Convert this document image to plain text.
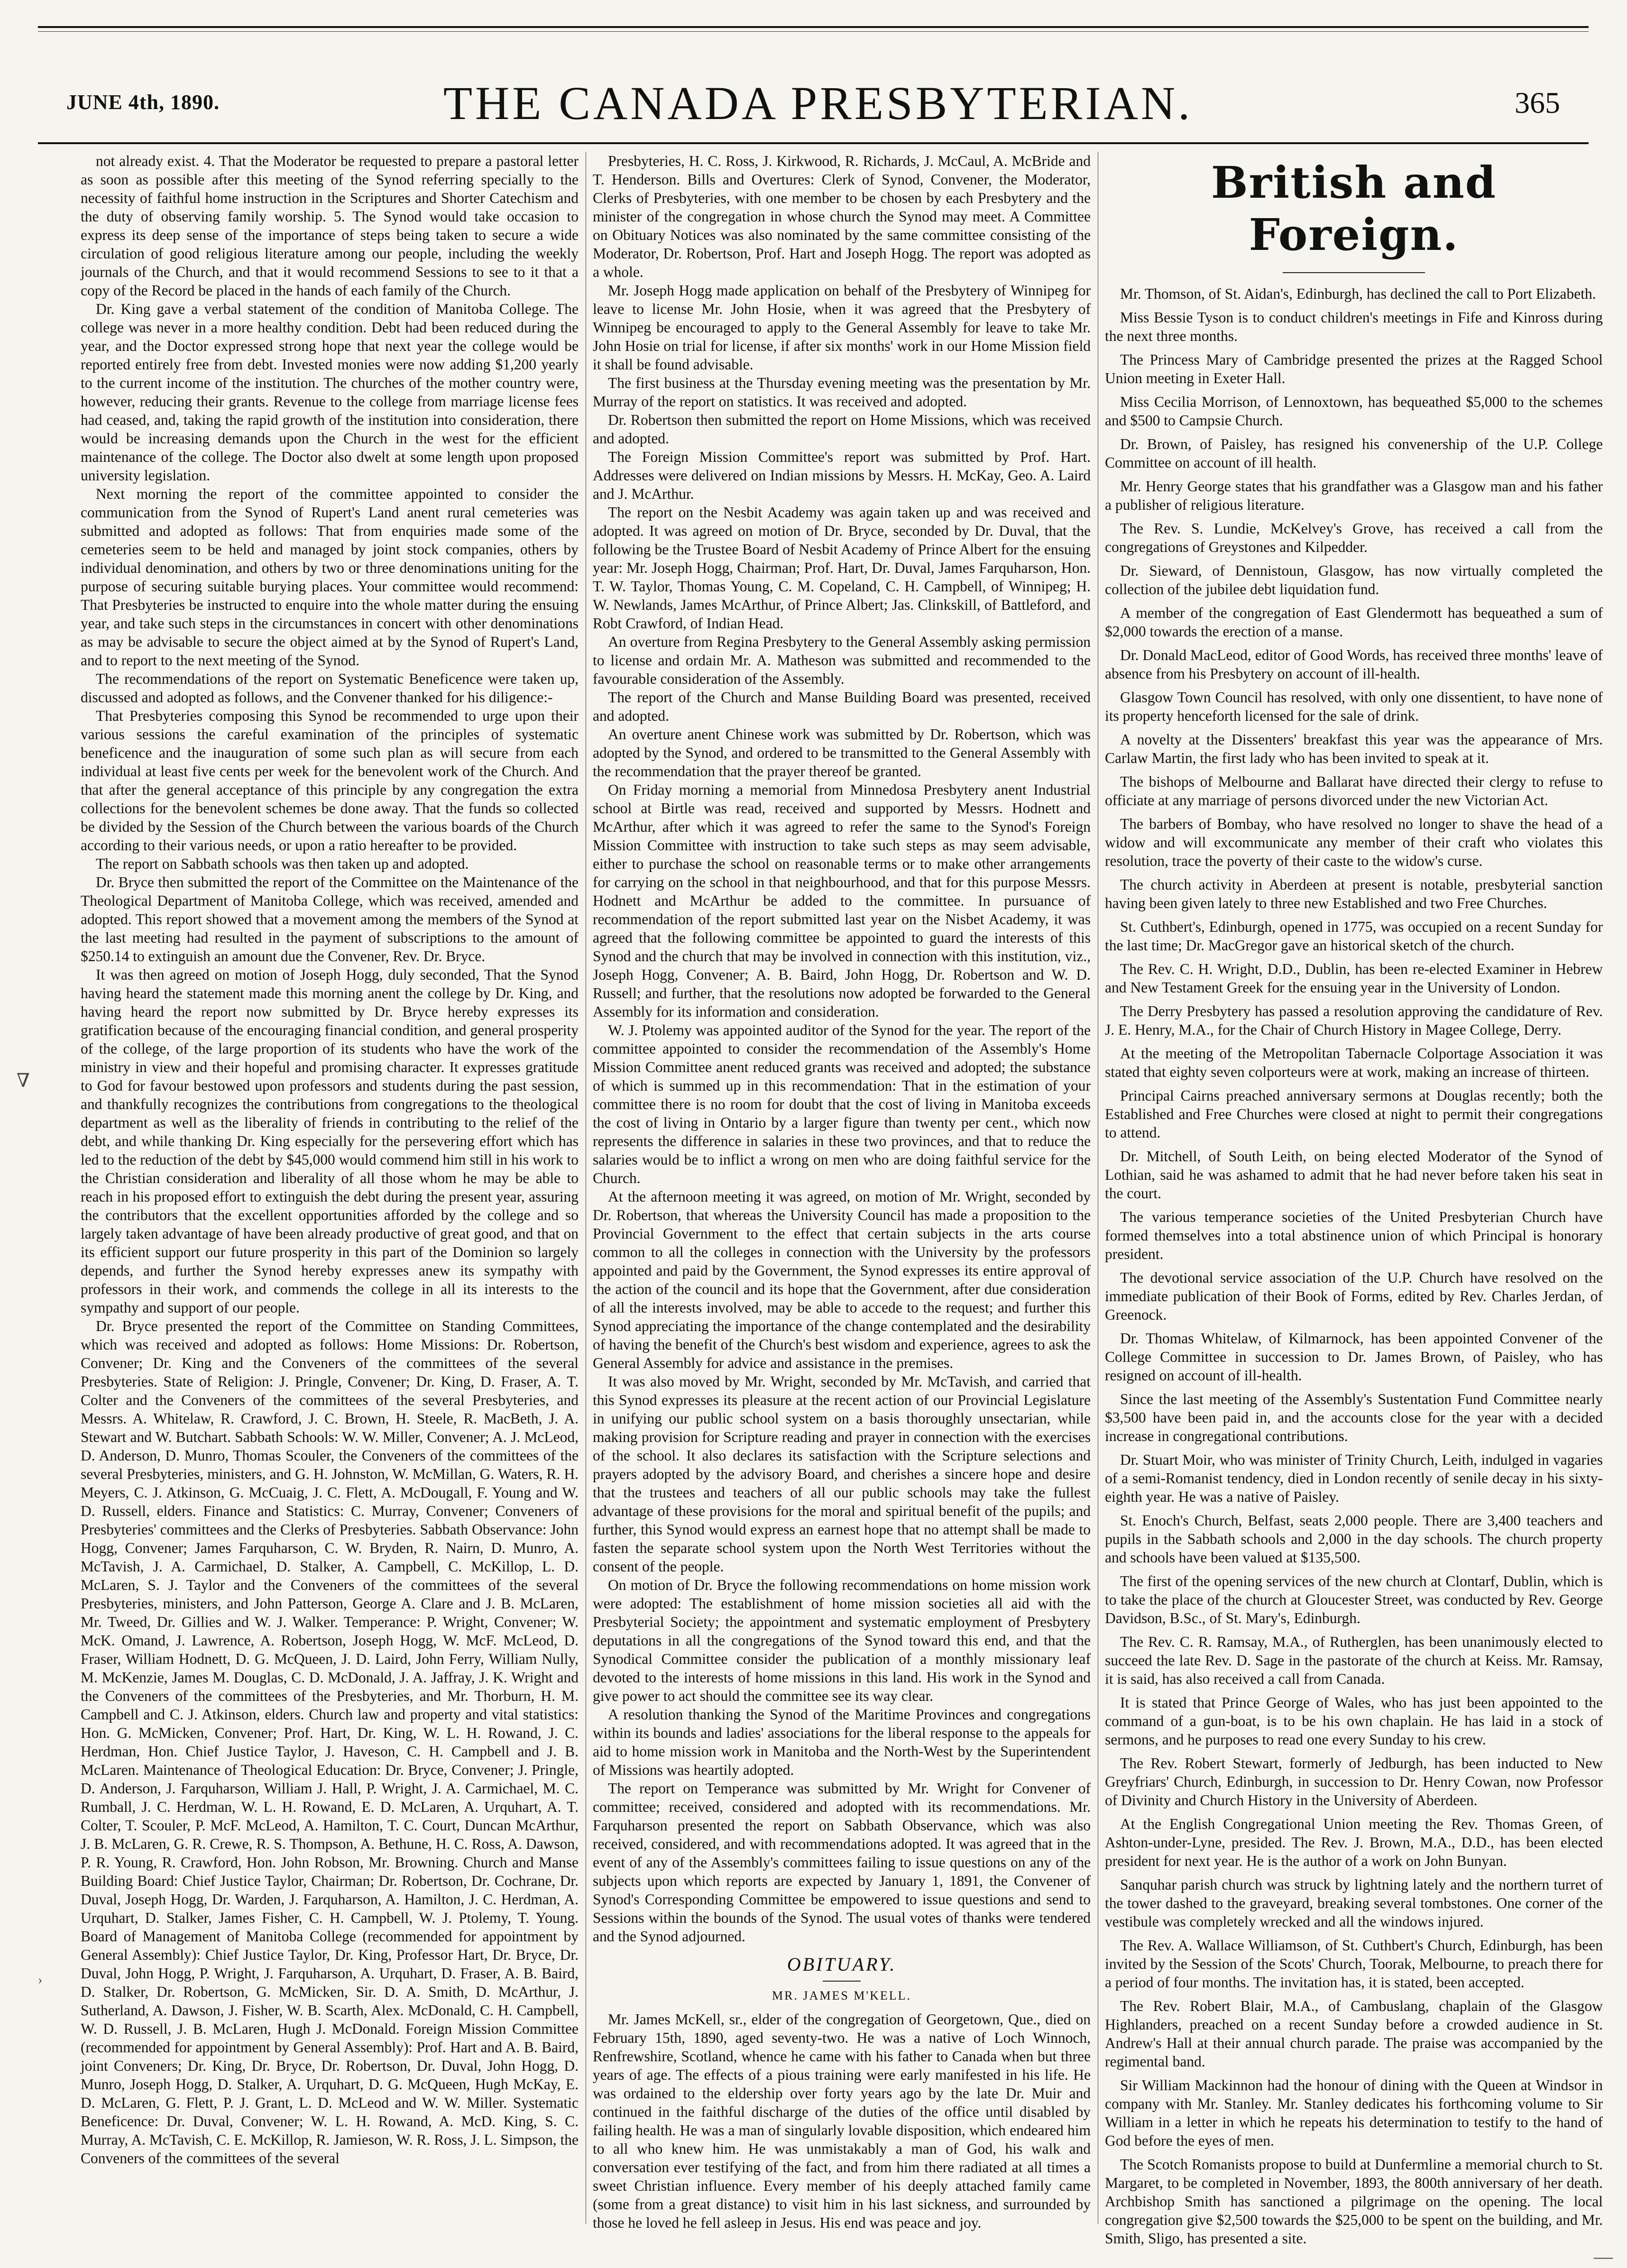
JUNE 4th, 1890.	THE CANADA PRESBYTERIAN.	365

not already exist. 4. That the Moderator be requested to prepare a pastoral letter as soon as possible after this meeting of the Synod referring specially to the necessity of faithful home instruction in the Scriptures and Shorter Catechism and the duty of observing family worship. 5. The Synod would take occasion to express its deep sense of the importance of steps being taken to secure a wide circulation of good religious literature among our people, including the weekly journals of the Church, and that it would recommend Sessions to see to it that a copy of the Record be placed in the hands of each family of the Church.

Dr. King gave a verbal statement of the condition of Manitoba College. The college was never in a more healthy condition. Debt had been reduced during the year, and the Doctor expressed strong hope that next year the college would be reported entirely free from debt. Invested monies were now adding $1,200 yearly to the current income of the institution. The churches of the mother country were, however, reducing their grants. Revenue to the college from marriage license fees had ceased, and, taking the rapid growth of the institution into consideration, there would be increasing demands upon the Church in the west for the efficient maintenance of the college. The Doctor also dwelt at some length upon proposed university legislation.

Next morning the report of the committee appointed to consider the communication from the Synod of Rupert's Land anent rural cemeteries was submitted and adopted as follows: That from enquiries made some of the cemeteries seem to be held and managed by joint stock companies, others by individual denomination, and others by two or three denominations uniting for the purpose of securing suitable burying places. Your committee would recommend: That Presbyteries be instructed to enquire into the whole matter during the ensuing year, and take such steps in the circumstances in concert with other denominations as may be advisable to secure the object aimed at by the Synod of Rupert's Land, and to report to the next meeting of the Synod.

The recommendations of the report on Systematic Beneficence were taken up, discussed and adopted as follows, and the Convener thanked for his diligence:-

That Presbyteries composing this Synod be recommended to urge upon their various sessions the careful examination of the principles of systematic beneficence and the inauguration of some such plan as will secure from each individual at least five cents per week for the benevolent work of the Church. And that after the general acceptance of this principle by any congregation the extra collections for the benevolent schemes be done away. That the funds so collected be divided by the Session of the Church between the various boards of the Church according to their various needs, or upon a ratio hereafter to be provided.

The report on Sabbath schools was then taken up and adopted.

Dr. Bryce then submitted the report of the Committee on the Maintenance of the Theological Department of Manitoba College, which was received, amended and adopted. This report showed that a movement among the members of the Synod at the last meeting had resulted in the payment of subscriptions to the amount of $250.14 to extinguish an amount due the Convener, Rev. Dr. Bryce.

It was then agreed on motion of Joseph Hogg, duly seconded, That the Synod having heard the statement made this morning anent the college by Dr. King, and having heard the report now submitted by Dr. Bryce hereby expresses its gratification because of the encouraging financial condition, and general prosperity of the college, of the large proportion of its students who have the work of the ministry in view and their hopeful and promising character. It expresses gratitude to God for favour bestowed upon professors and students during the past session, and thankfully recognizes the contributions from congregations to the theological department as well as the liberality of friends in contributing to the relief of the debt, and while thanking Dr. King especially for the persevering effort which has led to the reduction of the debt by $45,000 would commend him still in his work to the Christian consideration and liberality of all those whom he may be able to reach in his proposed effort to extinguish the debt during the present year, assuring the contributors that the excellent opportunities afforded by the college and so largely taken advantage of have been already productive of great good, and that on its efficient support our future prosperity in this part of the Dominion so largely depends, and further the Synod hereby expresses anew its sympathy with professors in their work, and commends the college in all its interests to the sympathy and support of our people.

Dr. Bryce presented the report of the Committee on Standing Committees, which was received and adopted as follows: Home Missions: Dr. Robertson, Convener; Dr. King and the Conveners of the committees of the several Presbyteries. State of Religion: J. Pringle, Convener; Dr. King, D. Fraser, A. T. Colter and the Conveners of the committees of the several Presbyteries, and Messrs. A. Whitelaw, R. Crawford, J. C. Brown, H. Steele, R. MacBeth, J. A. Stewart and W. Butchart. Sabbath Schools: W. W. Miller, Convener; A. J. McLeod, D. Anderson, D. Munro, Thomas Scouler, the Conveners of the committees of the several Presbyteries, ministers, and G. H. Johnston, W. McMillan, G. Waters, R. H. Meyers, C. J. Atkinson, G. McCuaig, J. C. Flett, A. McDougall, F. Young and W. D. Russell, elders. Finance and Statistics: C. Murray, Convener; Conveners of Presbyteries' committees and the Clerks of Presbyteries. Sabbath Observance: John Hogg, Convener; James Farquharson, C. W. Bryden, R. Nairn, D. Munro, A. McTavish, J. A. Carmichael, D. Stalker, A. Campbell, C. McKillop, L. D. McLaren, S. J. Taylor and the Conveners of the committees of the several Presbyteries, ministers, and John Patterson, George A. Clare and J. B. McLaren, Mr. Tweed, Dr. Gillies and W. J. Walker. Temperance: P. Wright, Convener; W. McK. Omand, J. Lawrence, A. Robertson, Joseph Hogg, W. McF. McLeod, D. Fraser, William Hodnett, D. G. McQueen, J. D. Laird, John Ferry, William Nully, M. McKenzie, James M. Douglas, C. D. McDonald, J. A. Jaffray, J. K. Wright and the Conveners of the committees of the Presbyteries, and Mr. Thorburn, H. M. Campbell and C. J. Atkinson, elders. Church law and property and vital statistics: Hon. G. McMicken, Convener; Prof. Hart, Dr. King, W. L. H. Rowand, J. C. Herdman, Hon. Chief Justice Taylor, J. Haveson, C. H. Campbell and J. B. McLaren. Maintenance of Theological Education: Dr. Bryce, Convener; J. Pringle, D. Anderson, J. Farquharson, William J. Hall, P. Wright, J. A. Carmichael, M. C. Rumball, J. C. Herdman, W. L. H. Rowand, E. D. McLaren, A. Urquhart, A. T. Colter, T. Scouler, P. McF. McLeod, A. Hamilton, T. C. Court, Duncan McArthur, J. B. McLaren, G. R. Crewe, R. S. Thompson, A. Bethune, H. C. Ross, A. Dawson, P. R. Young, R. Crawford, Hon. John Robson, Mr. Browning. Church and Manse Building Board: Chief Justice Taylor, Chairman; Dr. Robertson, Dr. Cochrane, Dr. Duval, Joseph Hogg, Dr. Warden, J. Farquharson, A. Hamilton, J. C. Herdman, A. Urquhart, D. Stalker, James Fisher, C. H. Campbell, W. J. Ptolemy, T. Young. Board of Management of Manitoba College (recommended for appointment by General Assembly): Chief Justice Taylor, Dr. King, Professor Hart, Dr. Bryce, Dr. Duval, John Hogg, P. Wright, J. Farquharson, A. Urquhart, D. Fraser, A. B. Baird, D. Stalker, Dr. Robertson, G. McMicken, Sir. D. A. Smith, D. McArthur, J. Sutherland, A. Dawson, J. Fisher, W. B. Scarth, Alex. McDonald, C. H. Campbell, W. D. Russell, J. B. McLaren, Hugh J. McDonald. Foreign Mission Committee (recommended for appointment by General Assembly): Prof. Hart and A. B. Baird, joint Conveners; Dr. King, Dr. Bryce, Dr. Robertson, Dr. Duval, John Hogg, D. Munro, Joseph Hogg, D. Stalker, A. Urquhart, D. G. McQueen, Hugh McKay, E. D. McLaren, G. Flett, P. J. Grant, L. D. McLeod and W. W. Miller. Systematic Beneficence: Dr. Duval, Convener; W. L. H. Rowand, A. McD. King, S. C. Murray, A. McTavish, C. E. McKillop, R. Jamieson, W. R. Ross, J. L. Simpson, the Conveners of the committees of the several

Presbyteries, H. C. Ross, J. Kirkwood, R. Richards, J. McCaul, A. McBride and T. Henderson. Bills and Overtures: Clerk of Synod, Convener, the Moderator, Clerks of Presbyteries, with one member to be chosen by each Presbytery and the minister of the congregation in whose church the Synod may meet. A Committee on Obituary Notices was also nominated by the same committee consisting of the Moderator, Dr. Robertson, Prof. Hart and Joseph Hogg. The report was adopted as a whole.

Mr. Joseph Hogg made application on behalf of the Presbytery of Winnipeg for leave to license Mr. John Hosie, when it was agreed that the Presbytery of Winnipeg be encouraged to apply to the General Assembly for leave to take Mr. John Hosie on trial for license, if after six months' work in our Home Mission field it shall be found advisable.

The first business at the Thursday evening meeting was the presentation by Mr. Murray of the report on statistics. It was received and adopted.

Dr. Robertson then submitted the report on Home Missions, which was received and adopted.

The Foreign Mission Committee's report was submitted by Prof. Hart. Addresses were delivered on Indian missions by Messrs. H. McKay, Geo. A. Laird and J. McArthur.

The report on the Nesbit Academy was again taken up and was received and adopted. It was agreed on motion of Dr. Bryce, seconded by Dr. Duval, that the following be the Trustee Board of Nesbit Academy of Prince Albert for the ensuing year: Mr. Joseph Hogg, Chairman; Prof. Hart, Dr. Duval, James Farquharson, Hon. T. W. Taylor, Thomas Young, C. M. Copeland, C. H. Campbell, of Winnipeg; H. W. Newlands, James McArthur, of Prince Albert; Jas. Clinkskill, of Battleford, and Robt Crawford, of Indian Head.

An overture from Regina Presbytery to the General Assembly asking permission to license and ordain Mr. A. Matheson was submitted and recommended to the favourable consideration of the Assembly.

The report of the Church and Manse Building Board was presented, received and adopted.

An overture anent Chinese work was submitted by Dr. Robertson, which was adopted by the Synod, and ordered to be transmitted to the General Assembly with the recommendation that the prayer thereof be granted.

On Friday morning a memorial from Minnedosa Presbytery anent Industrial school at Birtle was read, received and supported by Messrs. Hodnett and McArthur, after which it was agreed to refer the same to the Synod's Foreign Mission Committee with instruction to take such steps as may seem advisable, either to purchase the school on reasonable terms or to make other arrangements for carrying on the school in that neighbourhood, and that for this purpose Messrs. Hodnett and McArthur be added to the committee. In pursuance of recommendation of the report submitted last year on the Nisbet Academy, it was agreed that the following committee be appointed to guard the interests of this Synod and the church that may be involved in connection with this institution, viz., Joseph Hogg, Convener; A. B. Baird, John Hogg, Dr. Robertson and W. D. Russell; and further, that the resolutions now adopted be forwarded to the General Assembly for its information and consideration.

W. J. Ptolemy was appointed auditor of the Synod for the year. The report of the committee appointed to consider the recommendation of the Assembly's Home Mission Committee anent reduced grants was received and adopted; the substance of which is summed up in this recommendation: That in the estimation of your committee there is no room for doubt that the cost of living in Manitoba exceeds the cost of living in Ontario by a larger figure than twenty per cent., which now represents the difference in salaries in these two provinces, and that to reduce the salaries would be to inflict a wrong on men who are doing faithful service for the Church.

At the afternoon meeting it was agreed, on motion of Mr. Wright, seconded by Dr. Robertson, that whereas the University Council has made a proposition to the Provincial Government to the effect that certain subjects in the arts course common to all the colleges in connection with the University by the professors appointed and paid by the Government, the Synod expresses its entire approval of the action of the council and its hope that the Government, after due consideration of all the interests involved, may be able to accede to the request; and further this Synod appreciating the importance of the change contemplated and the desirability of having the benefit of the Church's best wisdom and experience, agrees to ask the General Assembly for advice and assistance in the premises.

It was also moved by Mr. Wright, seconded by Mr. McTavish, and carried that this Synod expresses its pleasure at the recent action of our Provincial Legislature in unifying our public school system on a basis thoroughly unsectarian, while making provision for Scripture reading and prayer in connection with the exercises of the school. It also declares its satisfaction with the Scripture selections and prayers adopted by the advisory Board, and cherishes a sincere hope and desire that the trustees and teachers of all our public schools may take the fullest advantage of these provisions for the moral and spiritual benefit of the pupils; and further, this Synod would express an earnest hope that no attempt shall be made to fasten the separate school system upon the North West Territories without the consent of the people.

On motion of Dr. Bryce the following recommendations on home mission work were adopted: The establishment of home mission societies all aid with the Presbyterial Society; the appointment and systematic employment of Presbytery deputations in all the congregations of the Synod toward this end, and that the Synodical Committee consider the publication of a monthly missionary leaf devoted to the interests of home missions in this land. His work in the Synod and give power to act should the committee see its way clear.

A resolution thanking the Synod of the Maritime Provinces and congregations within its bounds and ladies' associations for the liberal response to the appeals for aid to home mission work in Manitoba and the North-West by the Superintendent of Missions was heartily adopted.

The report on Temperance was submitted by Mr. Wright for Convener of committee; received, considered and adopted with its recommendations. Mr. Farquharson presented the report on Sabbath Observance, which was also received, considered, and with recommendations adopted. It was agreed that in the event of any of the Assembly's committees failing to issue questions on any of the subjects upon which reports are expected by January 1, 1891, the Convener of Synod's Corresponding Committee be empowered to issue questions and send to Sessions within the bounds of the Synod. The usual votes of thanks were tendered and the Synod adjourned.

OBITUARY.
MR. JAMES M'KELL.

Mr. James McKell, sr., elder of the congregation of Georgetown, Que., died on February 15th, 1890, aged seventy-two. He was a native of Loch Winnoch, Renfrewshire, Scotland, whence he came with his father to Canada when but three years of age. The effects of a pious training were early manifested in his life. He was ordained to the eldership over forty years ago by the late Dr. Muir and continued in the faithful discharge of the duties of the office until disabled by failing health. He was a man of singularly lovable disposition, which endeared him to all who knew him. He was unmistakably a man of God, his walk and conversation ever testifying of the fact, and from him there radiated at all times a sweet Christian influence. Every member of his deeply attached family came (some from a great distance) to visit him in his last sickness, and surrounded by those he loved he fell asleep in Jesus. His end was peace and joy.

British and Foreign.

Mr. Thomson, of St. Aidan's, Edinburgh, has declined the call to Port Elizabeth.

Miss Bessie Tyson is to conduct children's meetings in Fife and Kinross during the next three months.

The Princess Mary of Cambridge presented the prizes at the Ragged School Union meeting in Exeter Hall.

Miss Cecilia Morrison, of Lennoxtown, has bequeathed $5,000 to the schemes and $500 to Campsie Church.

Dr. Brown, of Paisley, has resigned his convenership of the U.P. College Committee on account of ill health.

Mr. Henry George states that his grandfather was a Glasgow man and his father a publisher of religious literature.

The Rev. S. Lundie, McKelvey's Grove, has received a call from the congregations of Greystones and Kilpedder.

Dr. Sieward, of Dennistoun, Glasgow, has now virtually completed the collection of the jubilee debt liquidation fund.

A member of the congregation of East Glendermott has bequeathed a sum of $2,000 towards the erection of a manse.

Dr. Donald MacLeod, editor of Good Words, has received three months' leave of absence from his Presbytery on account of ill-health.

Glasgow Town Council has resolved, with only one dissentient, to have none of its property henceforth licensed for the sale of drink.

A novelty at the Dissenters' breakfast this year was the appearance of Mrs. Carlaw Martin, the first lady who has been invited to speak at it.

The bishops of Melbourne and Ballarat have directed their clergy to refuse to officiate at any marriage of persons divorced under the new Victorian Act.

The barbers of Bombay, who have resolved no longer to shave the head of a widow and will excommunicate any member of their craft who violates this resolution, trace the poverty of their caste to the widow's curse.

The church activity in Aberdeen at present is notable, presbyterial sanction having been given lately to three new Established and two Free Churches.

St. Cuthbert's, Edinburgh, opened in 1775, was occupied on a recent Sunday for the last time; Dr. MacGregor gave an historical sketch of the church.

The Rev. C. H. Wright, D.D., Dublin, has been re-elected Examiner in Hebrew and New Testament Greek for the ensuing year in the University of London.

The Derry Presbytery has passed a resolution approving the candidature of Rev. J. E. Henry, M.A., for the Chair of Church History in Magee College, Derry.

At the meeting of the Metropolitan Tabernacle Colportage Association it was stated that eighty seven colporteurs were at work, making an increase of thirteen.

Principal Cairns preached anniversary sermons at Douglas recently; both the Established and Free Churches were closed at night to permit their congregations to attend.

Dr. Mitchell, of South Leith, on being elected Moderator of the Synod of Lothian, said he was ashamed to admit that he had never before taken his seat in the court.

The various temperance societies of the United Presbyterian Church have formed themselves into a total abstinence union of which Principal is honorary president.

The devotional service association of the U.P. Church have resolved on the immediate publication of their Book of Forms, edited by Rev. Charles Jerdan, of Greenock.

Dr. Thomas Whitelaw, of Kilmarnock, has been appointed Convener of the College Committee in succession to Dr. James Brown, of Paisley, who has resigned on account of ill-health.

Since the last meeting of the Assembly's Sustentation Fund Committee nearly $3,500 have been paid in, and the accounts close for the year with a decided increase in congregational contributions.

Dr. Stuart Moir, who was minister of Trinity Church, Leith, indulged in vagaries of a semi-Romanist tendency, died in London recently of senile decay in his sixty-eighth year. He was a native of Paisley.

St. Enoch's Church, Belfast, seats 2,000 people. There are 3,400 teachers and pupils in the Sabbath schools and 2,000 in the day schools. The church property and schools have been valued at $135,500.

The first of the opening services of the new church at Clontarf, Dublin, which is to take the place of the church at Gloucester Street, was conducted by Rev. George Davidson, B.Sc., of St. Mary's, Edinburgh.

The Rev. C. R. Ramsay, M.A., of Rutherglen, has been unanimously elected to succeed the late Rev. D. Sage in the pastorate of the church at Keiss. Mr. Ramsay, it is said, has also received a call from Canada.

It is stated that Prince George of Wales, who has just been appointed to the command of a gun-boat, is to be his own chaplain. He has laid in a stock of sermons, and he purposes to read one every Sunday to his crew.

The Rev. Robert Stewart, formerly of Jedburgh, has been inducted to New Greyfriars' Church, Edinburgh, in succession to Dr. Henry Cowan, now Professor of Divinity and Church History in the University of Aberdeen.

At the English Congregational Union meeting the Rev. Thomas Green, of Ashton-under-Lyne, presided. The Rev. J. Brown, M.A., D.D., has been elected president for next year. He is the author of a work on John Bunyan.

Sanquhar parish church was struck by lightning lately and the northern turret of the tower dashed to the graveyard, breaking several tombstones. One corner of the vestibule was completely wrecked and all the windows injured.

The Rev. A. Wallace Williamson, of St. Cuthbert's Church, Edinburgh, has been invited by the Session of the Scots' Church, Toorak, Melbourne, to preach there for a period of four months. The invitation has, it is stated, been accepted.

The Rev. Robert Blair, M.A., of Cambuslang, chaplain of the Glasgow Highlanders, preached on a recent Sunday before a crowded audience in St. Andrew's Hall at their annual church parade. The praise was accompanied by the regimental band.

Sir William Mackinnon had the honour of dining with the Queen at Windsor in company with Mr. Stanley. Mr. Stanley dedicates his forthcoming volume to Sir William in a letter in which he repeats his determination to testify to the hand of God before the eyes of men.

The Scotch Romanists propose to build at Dunfermline a memorial church to St. Margaret, to be completed in November, 1893, the 800th anniversary of her death. Archbishop Smith has sanctioned a pilgrimage on the opening. The local congregation give $2,500 towards the $25,000 to be spent on the building, and Mr. Smith, Sligo, has presented a site.

∇
›
—
